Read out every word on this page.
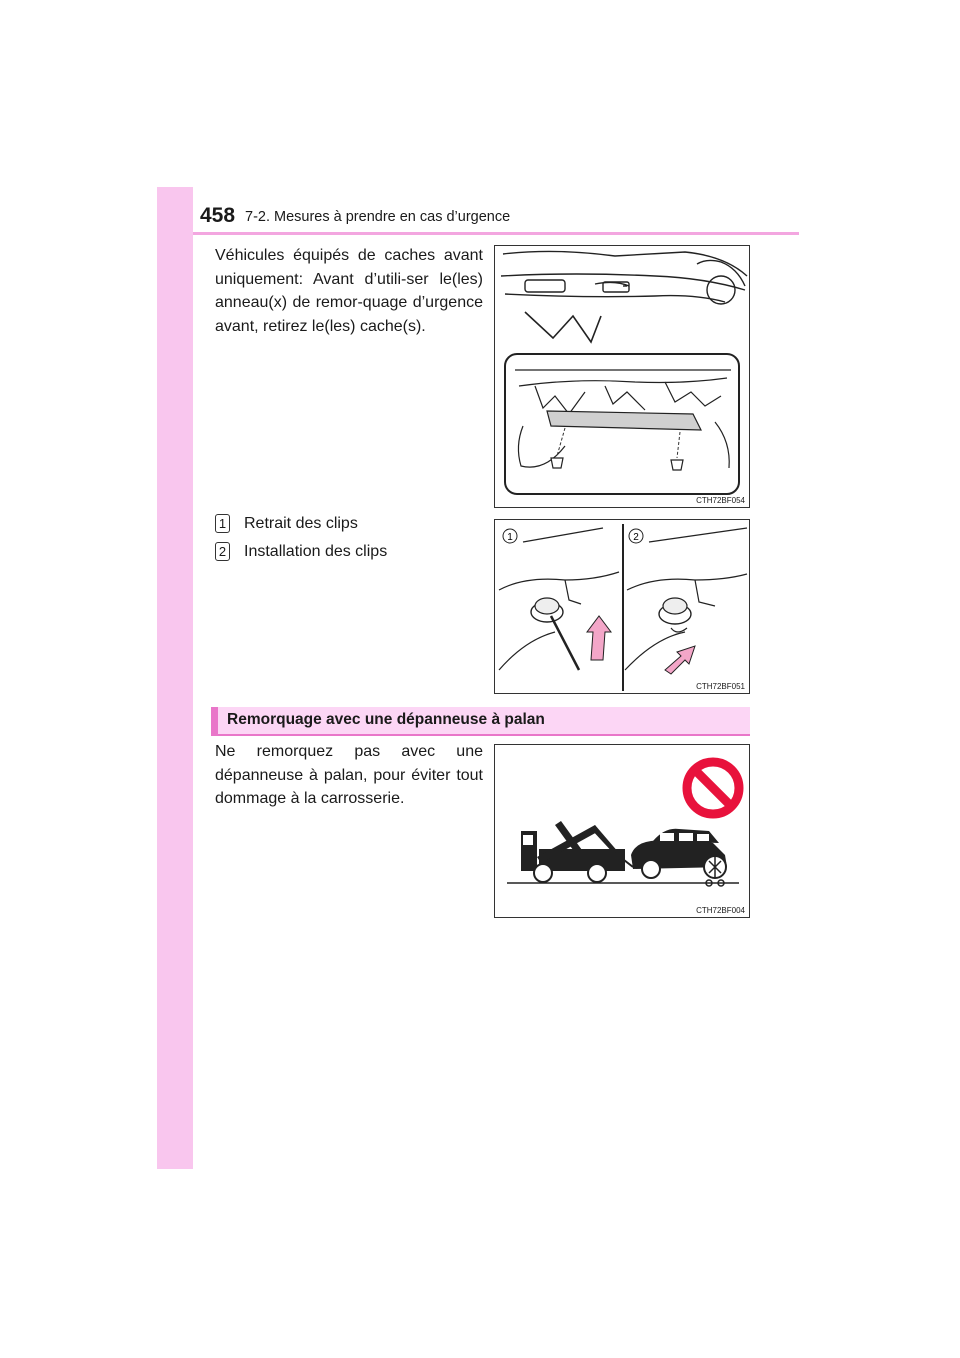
458 7-2. Mesures à prendre en cas d’urgence
Véhicules équipés de caches avant uniquement: Avant d’utili-ser le(les) anneau(x) de remor-quage d’urgence avant, retirez le(les) cache(s).
CTH72BF054
1 Retrait des clips
2 Installation des clips
1	2
CTH72BF051
Remorquage avec une dépanneuse à palan
Ne remorquez pas avec une dépanneuse à palan, pour éviter tout dommage à la carrosserie.
CTH72BF004
